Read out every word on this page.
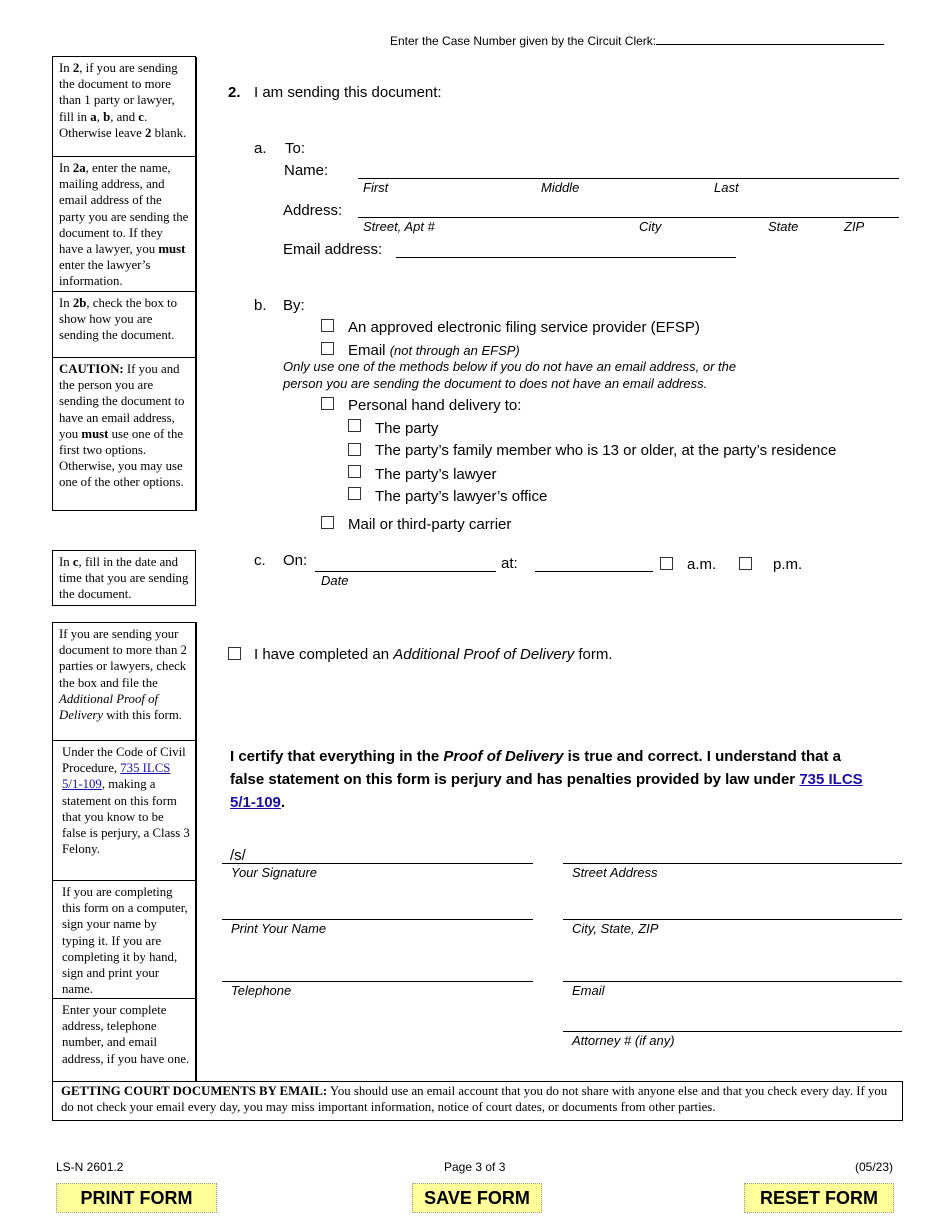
Enter the Case Number given by the Circuit Clerk:
In 2, if you are sending the document to more than 1 party or lawyer, fill in a, b, and c. Otherwise leave 2 blank.
In 2a, enter the name, mailing address, and email address of the party you are sending the document to. If they have a lawyer, you must enter the lawyer’s information.
In 2b, check the box to show how you are sending the document.
CAUTION: If you and the person you are sending the document to have an email address, you must use one of the first two options. Otherwise, you may use one of the other options.
In c, fill in the date and time that you are sending the document.
If you are sending your document to more than 2 parties or lawyers, check the box and file the Additional Proof of Delivery with this form.
Under the Code of Civil Procedure, 735 ILCS 5/1-109, making a statement on this form that you know to be false is perjury, a Class 3 Felony.
If you are completing this form on a computer, sign your name by typing it. If you are completing it by hand, sign and print your name.
Enter your complete address, telephone number, and email address, if you have one.
2. I am sending this document:
a. To:
Name:
First	Middle	Last
Address:
Street, Apt #	City	State	ZIP
Email address:
b. By:
An approved electronic filing service provider (EFSP)
Email (not through an EFSP)
Only use one of the methods below if you do not have an email address, or the
person you are sending the document to does not have an email address.
Personal hand delivery to:
The party
The party’s family member who is 13 or older, at the party’s residence
The party’s lawyer
The party’s lawyer’s office
Mail or third-party carrier
c. On:
Date
at:	a.m.	p.m.
I have completed an Additional Proof of Delivery form.
I certify that everything in the Proof of Delivery is true and correct. I understand that a false statement on this form is perjury and has penalties provided by law under 735 ILCS 5/1-109.
/s/
Your Signature	Street Address
Print Your Name	City, State, ZIP
Telephone	Email
Attorney # (if any)
GETTING COURT DOCUMENTS BY EMAIL: You should use an email account that you do not share with anyone else and that you check every day. If you do not check your email every day, you may miss important information, notice of court dates, or documents from other parties.
LS-N 2601.2	Page 3 of 3	(05/23)
PRINT FORM	SAVE FORM	RESET FORM
